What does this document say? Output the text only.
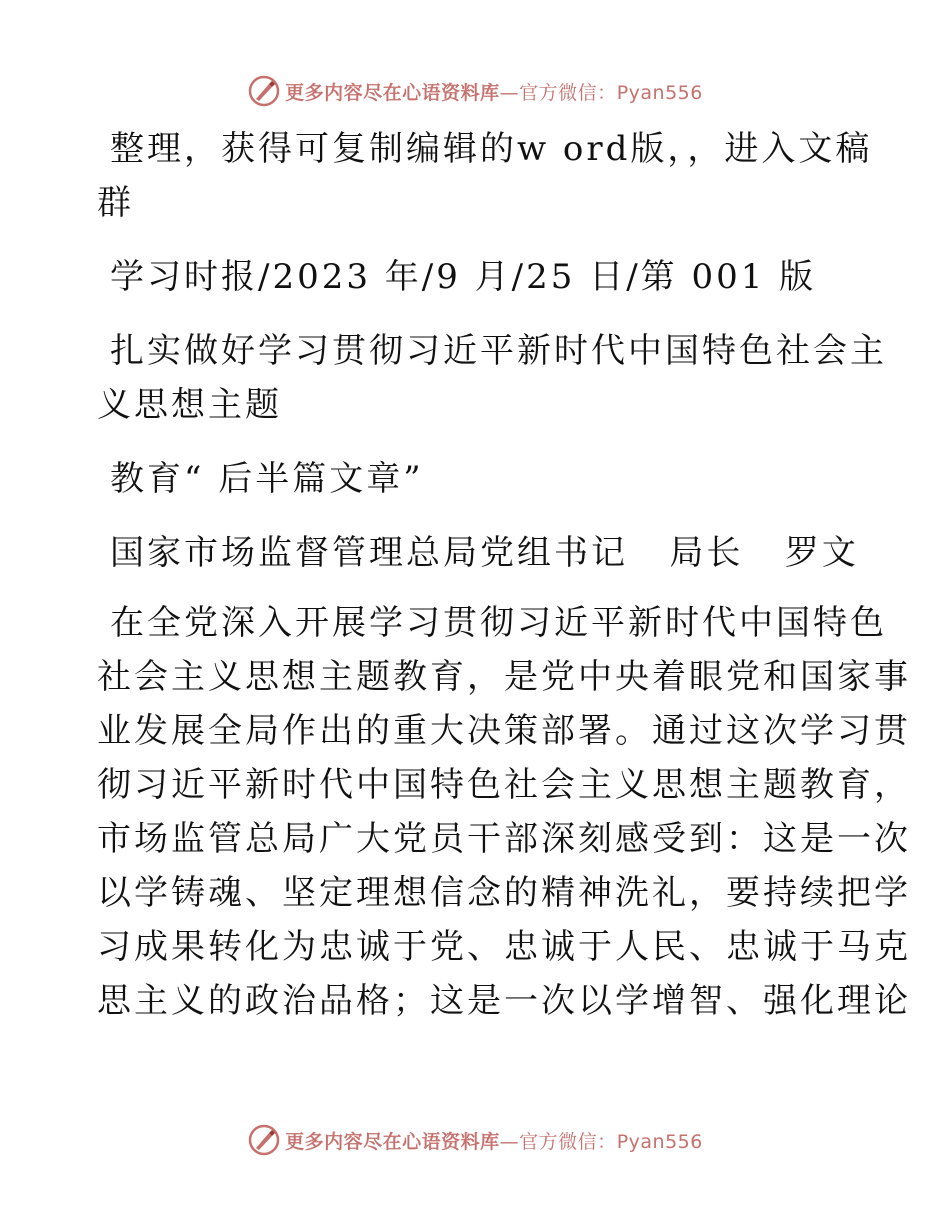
更多内容尽在心语资料库—官方微信：Pyan556

整理，获得可复制编辑的w ord版，，进入文稿

群

学习时报/2023 年/9 月/25 日/第 001 版

扎实做好学习贯彻习近平新时代中国特色社会主

义思想主题

教育“ 后半篇文章”

国家市场监督管理总局党组书记   局长   罗文

在全党深入开展学习贯彻习近平新时代中国特色

社会主义思想主题教育，是党中央着眼党和国家事

业发展全局作出的重大决策部署。通过这次学习贯

彻习近平新时代中国特色社会主义思想主题教育，

市场监管总局广大党员干部深刻感受到：这是一次

以学铸魂、坚定理想信念的精神洗礼，要持续把学

习成果转化为忠诚于党、忠诚于人民、忠诚于马克

思主义的政治品格；这是一次以学增智、强化理论

更多内容尽在心语资料库—官方微信：Pyan556
